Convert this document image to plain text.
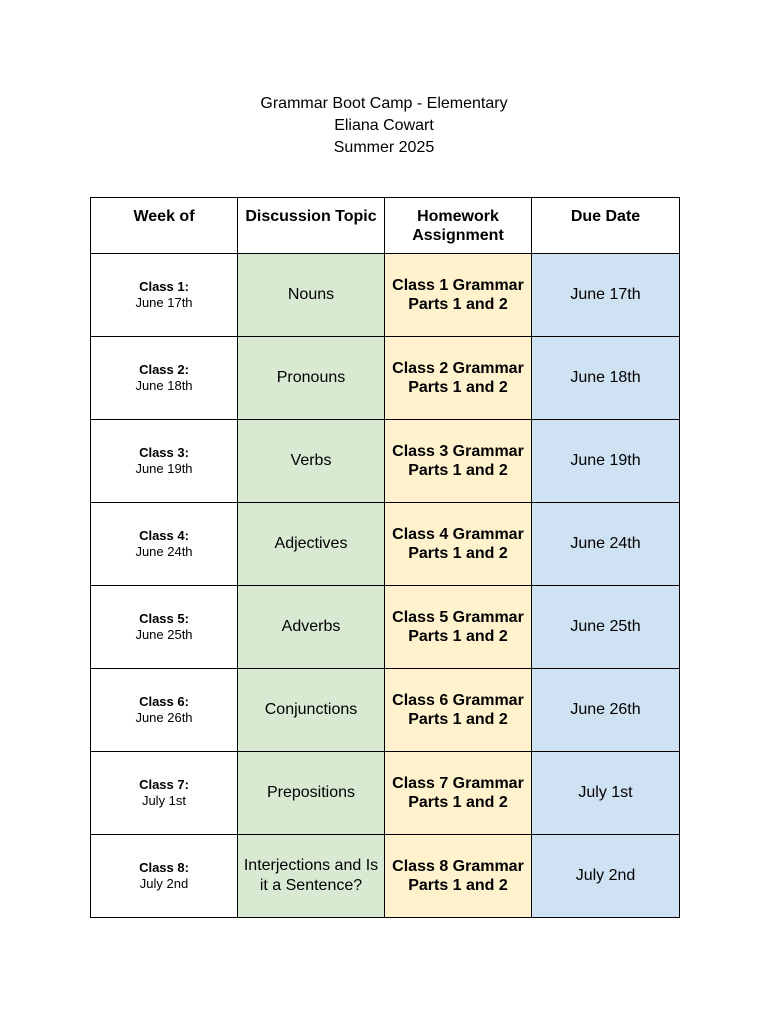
Grammar Boot Camp - Elementary
Eliana Cowart
Summer 2025
Week of	Discussion Topic	Homework Assignment	Due Date

Class 1:
June 17th	Nouns	Class 1 Grammar Parts 1 and 2	June 17th

Class 2:
June 18th	Pronouns	Class 2 Grammar Parts 1 and 2	June 18th

Class 3:
June 19th	Verbs	Class 3 Grammar Parts 1 and 2	June 19th

Class 4:
June 24th	Adjectives	Class 4 Grammar Parts 1 and 2	June 24th

Class 5:
June 25th	Adverbs	Class 5 Grammar Parts 1 and 2	June 25th

Class 6:
June 26th	Conjunctions	Class 6 Grammar Parts 1 and 2	June 26th

Class 7:
July 1st	Prepositions	Class 7 Grammar Parts 1 and 2	July 1st

Class 8:
July 2nd	Interjections and Is it a Sentence?	Class 8 Grammar Parts 1 and 2	July 2nd
